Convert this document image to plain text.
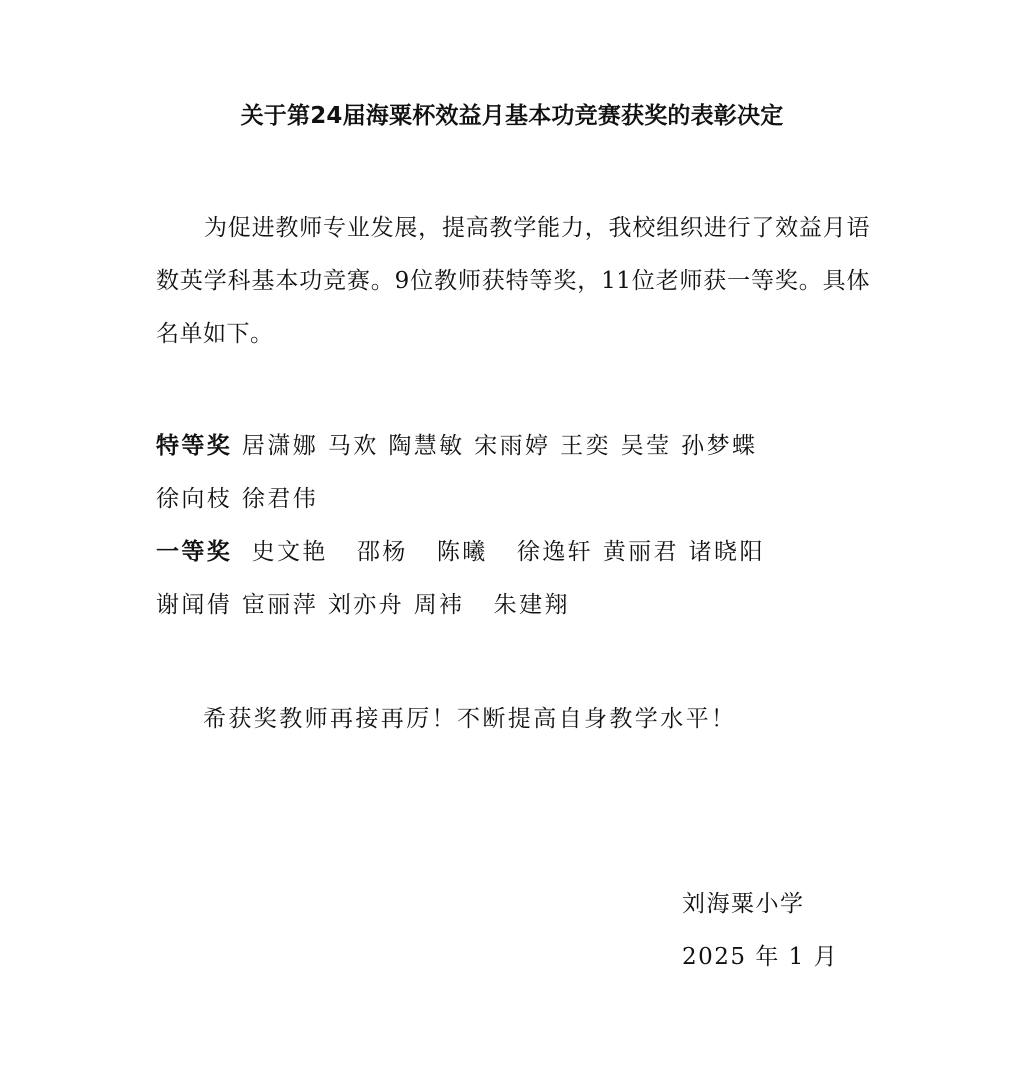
关于第24届海粟杯效益月基本功竞赛获奖的表彰决定

为促进教师专业发展，提高教学能力，我校组织进行了效益月语数英学科基本功竞赛。9位教师获特等奖，11位老师获一等奖。具体名单如下。

特等奖 居潇娜 马欢 陶慧敏 宋雨婷 王奕 吴莹 孙梦蝶
徐向枝 徐君伟
一等奖  史文艳   邵杨   陈曦   徐逸轩 黄丽君 诸晓阳
谢闻倩 宦丽萍 刘亦舟 周袆   朱建翔
希获奖教师再接再厉！不断提高自身教学水平！
刘海粟小学
2025 年 1 月
